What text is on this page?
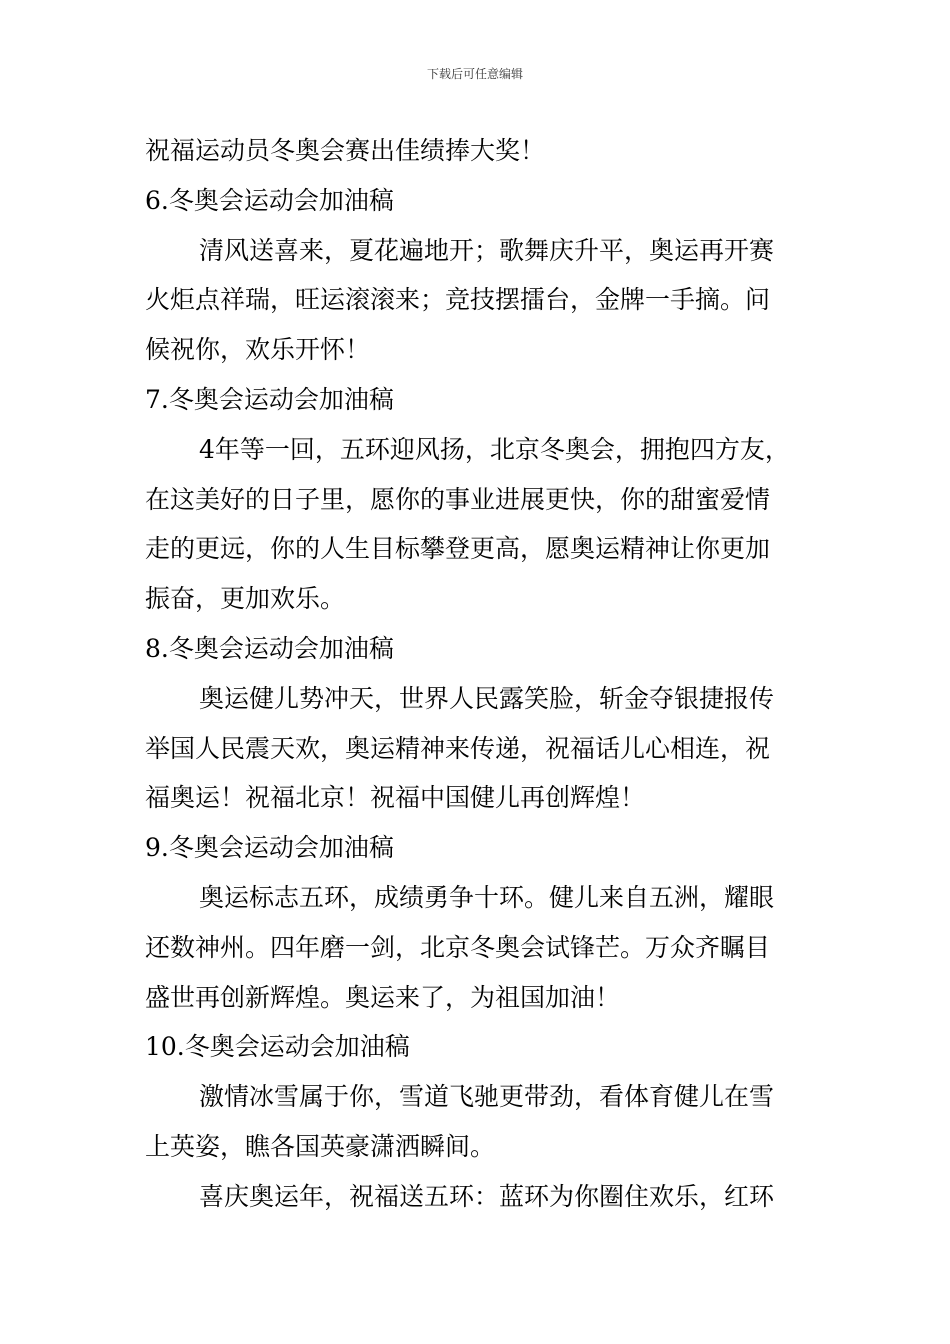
下载后可任意编辑
祝福运动员冬奥会赛出佳绩捧大奖！
6.冬奥会运动会加油稿
清风送喜来，夏花遍地开；歌舞庆升平，奥运再开赛
火炬点祥瑞，旺运滚滚来；竞技摆擂台，金牌一手摘。问
候祝你，欢乐开怀！
7.冬奥会运动会加油稿
4年等一回，五环迎风扬，北京冬奥会，拥抱四方友，
在这美好的日子里，愿你的事业进展更快，你的甜蜜爱情
走的更远，你的人生目标攀登更高，愿奥运精神让你更加
振奋，更加欢乐。
8.冬奥会运动会加油稿
奥运健儿势冲天，世界人民露笑脸，斩金夺银捷报传
举国人民震天欢，奥运精神来传递，祝福话儿心相连，祝
福奥运！祝福北京！祝福中国健儿再创辉煌！
9.冬奥会运动会加油稿
奥运标志五环，成绩勇争十环。健儿来自五洲，耀眼
还数神州。四年磨一剑，北京冬奥会试锋芒。万众齐瞩目
盛世再创新辉煌。奥运来了，为祖国加油！
10.冬奥会运动会加油稿
激情冰雪属于你，雪道飞驰更带劲，看体育健儿在雪
上英姿，瞧各国英豪潇洒瞬间。
喜庆奥运年，祝福送五环：蓝环为你圈住欢乐，红环
